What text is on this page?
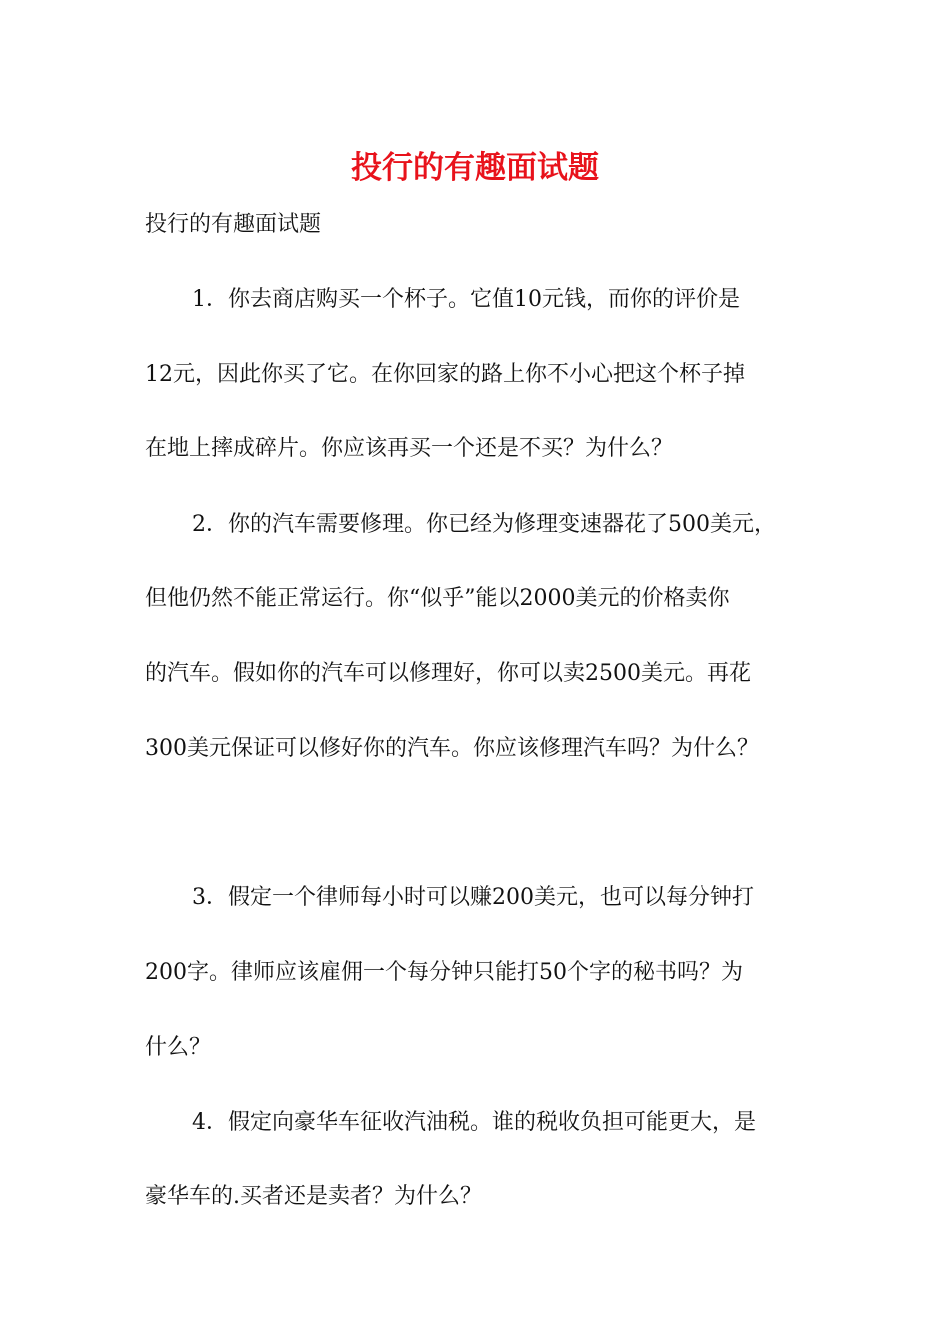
投行的有趣面试题

投行的有趣面试题

1．你去商店购买一个杯子。它值10元钱，而你的评价是

12元，因此你买了它。在你回家的路上你不小心把这个杯子掉

在地上摔成碎片。你应该再买一个还是不买？为什么？

2．你的汽车需要修理。你已经为修理变速器花了500美元，

但他仍然不能正常运行。你“似乎”能以2000美元的价格卖你

的汽车。假如你的汽车可以修理好，你可以卖2500美元。再花

300美元保证可以修好你的汽车。你应该修理汽车吗？为什么？

3．假定一个律师每小时可以赚200美元，也可以每分钟打

200字。律师应该雇佣一个每分钟只能打50个字的秘书吗？为

什么？

4．假定向豪华车征收汽油税。谁的税收负担可能更大，是

豪华车的.买者还是卖者？为什么？
